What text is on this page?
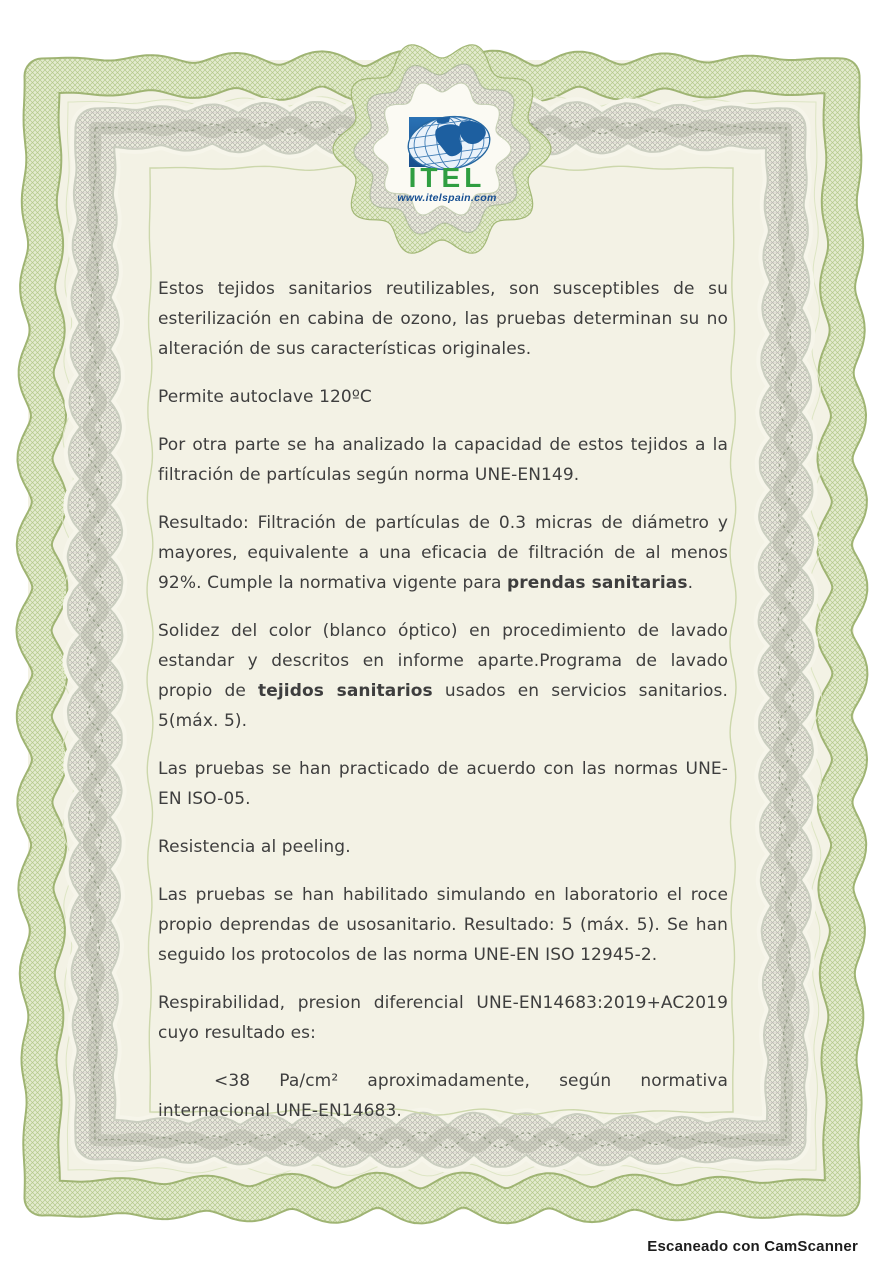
ITEL
www.itelspain.com

Estos tejidos sanitarios reutilizables, son susceptibles de su esterilización en cabina de ozono, las pruebas determinan su no alteración de sus características originales.

Permite autoclave 120ºC

Por otra parte se ha analizado la capacidad de estos tejidos a la filtración de partículas según norma UNE-EN149.

Resultado: Filtración de partículas de 0.3 micras de diámetro y mayores, equivalente a una eficacia de filtración de al menos 92%. Cumple la normativa vigente para prendas sanitarias.

Solidez del color (blanco óptico) en procedimiento de lavado estandar y descritos en informe aparte.Programa de lavado propio de tejidos sanitarios usados en servicios sanitarios. 5(máx. 5).

Las pruebas se han practicado de acuerdo con las normas UNE-EN ISO-05.

Resistencia al peeling.

Las pruebas se han habilitado simulando en laboratorio el roce propio deprendas de usosanitario. Resultado: 5 (máx. 5). Se han seguido los protocolos de las norma UNE-EN ISO 12945-2.

Respirabilidad, presion diferencial UNE-EN14683:2019+AC2019 cuyo resultado es:

<38 Pa/cm² aproximadamente, según normativa internacional UNE-EN14683.

Escaneado con CamScanner
